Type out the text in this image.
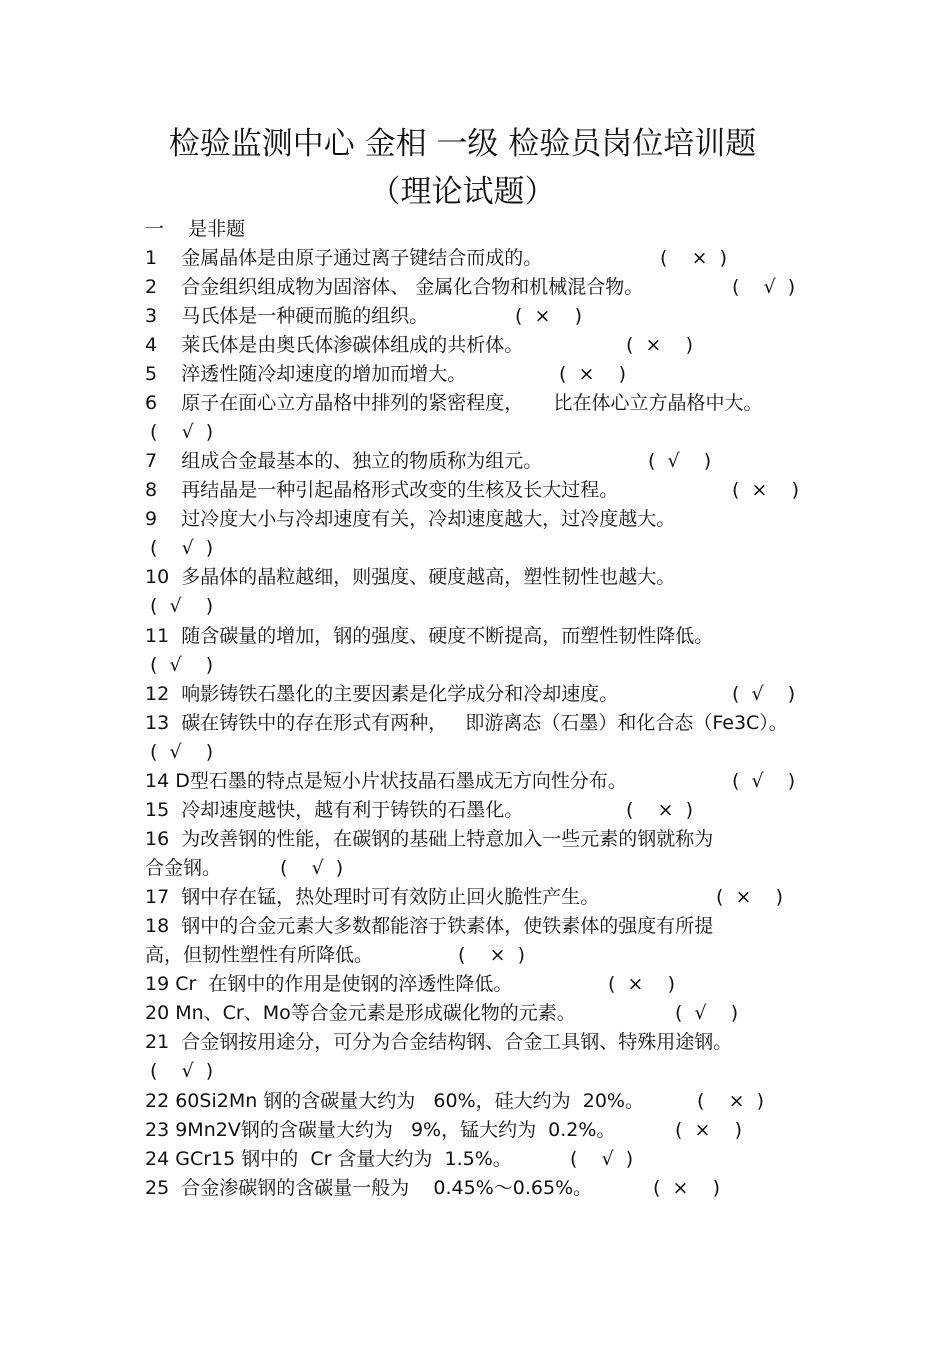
检验监测中心 金相 一级 检验员岗位培训题
（理论试题）
一    是非题
1    金属晶体是由原子通过离子键结合而成的。	(    ×  )
2    合金组织组成物为固溶体、 金属化合物和机械混合物。	(    √  )
3    马氏体是一种硬而脆的组织。	(  ×    )
4    莱氏体是由奥氏体渗碳体组成的共析体。	(  ×    )
5    淬透性随冷却速度的增加而增大。	(  ×    )
6    原子在面心立方晶格中排列的紧密程度，     比在体心立方晶格中大。
(    √  )
7    组成合金最基本的、独立的物质称为组元。	(  √    )
8    再结晶是一种引起晶格形式改变的生核及长大过程。	(  ×    )
9    过冷度大小与冷却速度有关，冷却速度越大，过冷度越大。
(    √  )
10  多晶体的晶粒越细，则强度、硬度越高，塑性韧性也越大。
(  √    )
11  随含碳量的增加，钢的强度、硬度不断提高，而塑性韧性降低。
(  √    )
12  响影铸铁石墨化的主要因素是化学成分和冷却速度。	(  √    )
13  碳在铸铁中的存在形式有两种，   即游离态（石墨）和化合态（Fe3C）。
(  √    )
14 D型石墨的特点是短小片状技晶石墨成无方向性分布。	(  √    )
15  冷却速度越快，越有利于铸铁的石墨化。	(    ×  )
16  为改善钢的性能，在碳钢的基础上特意加入一些元素的钢就称为
合金钢。	(    √  )
17  钢中存在锰，热处理时可有效防止回火脆性产生。	(  ×    )
18  钢中的合金元素大多数都能溶于铁素体，使铁素体的强度有所提
高，但韧性塑性有所降低。	(    ×  )
19 Cr  在钢中的作用是使钢的淬透性降低。	(  ×    )
20 Mn、Cr、Mo等合金元素是形成碳化物的元素。	(  √    )
21  合金钢按用途分，可分为合金结构钢、合金工具钢、特殊用途钢。
(    √  )
22 60Si2Mn 钢的含碳量大约为   60%，硅大约为  20%。	(    ×  )
23 9Mn2V钢的含碳量大约为   9%，锰大约为  0.2%。	(  ×    )
24 GCr15 钢中的  Cr 含量大约为  1.5%。	(    √  )
25  合金渗碳钢的含碳量一般为    0.45%～0.65%。	(  ×    )
